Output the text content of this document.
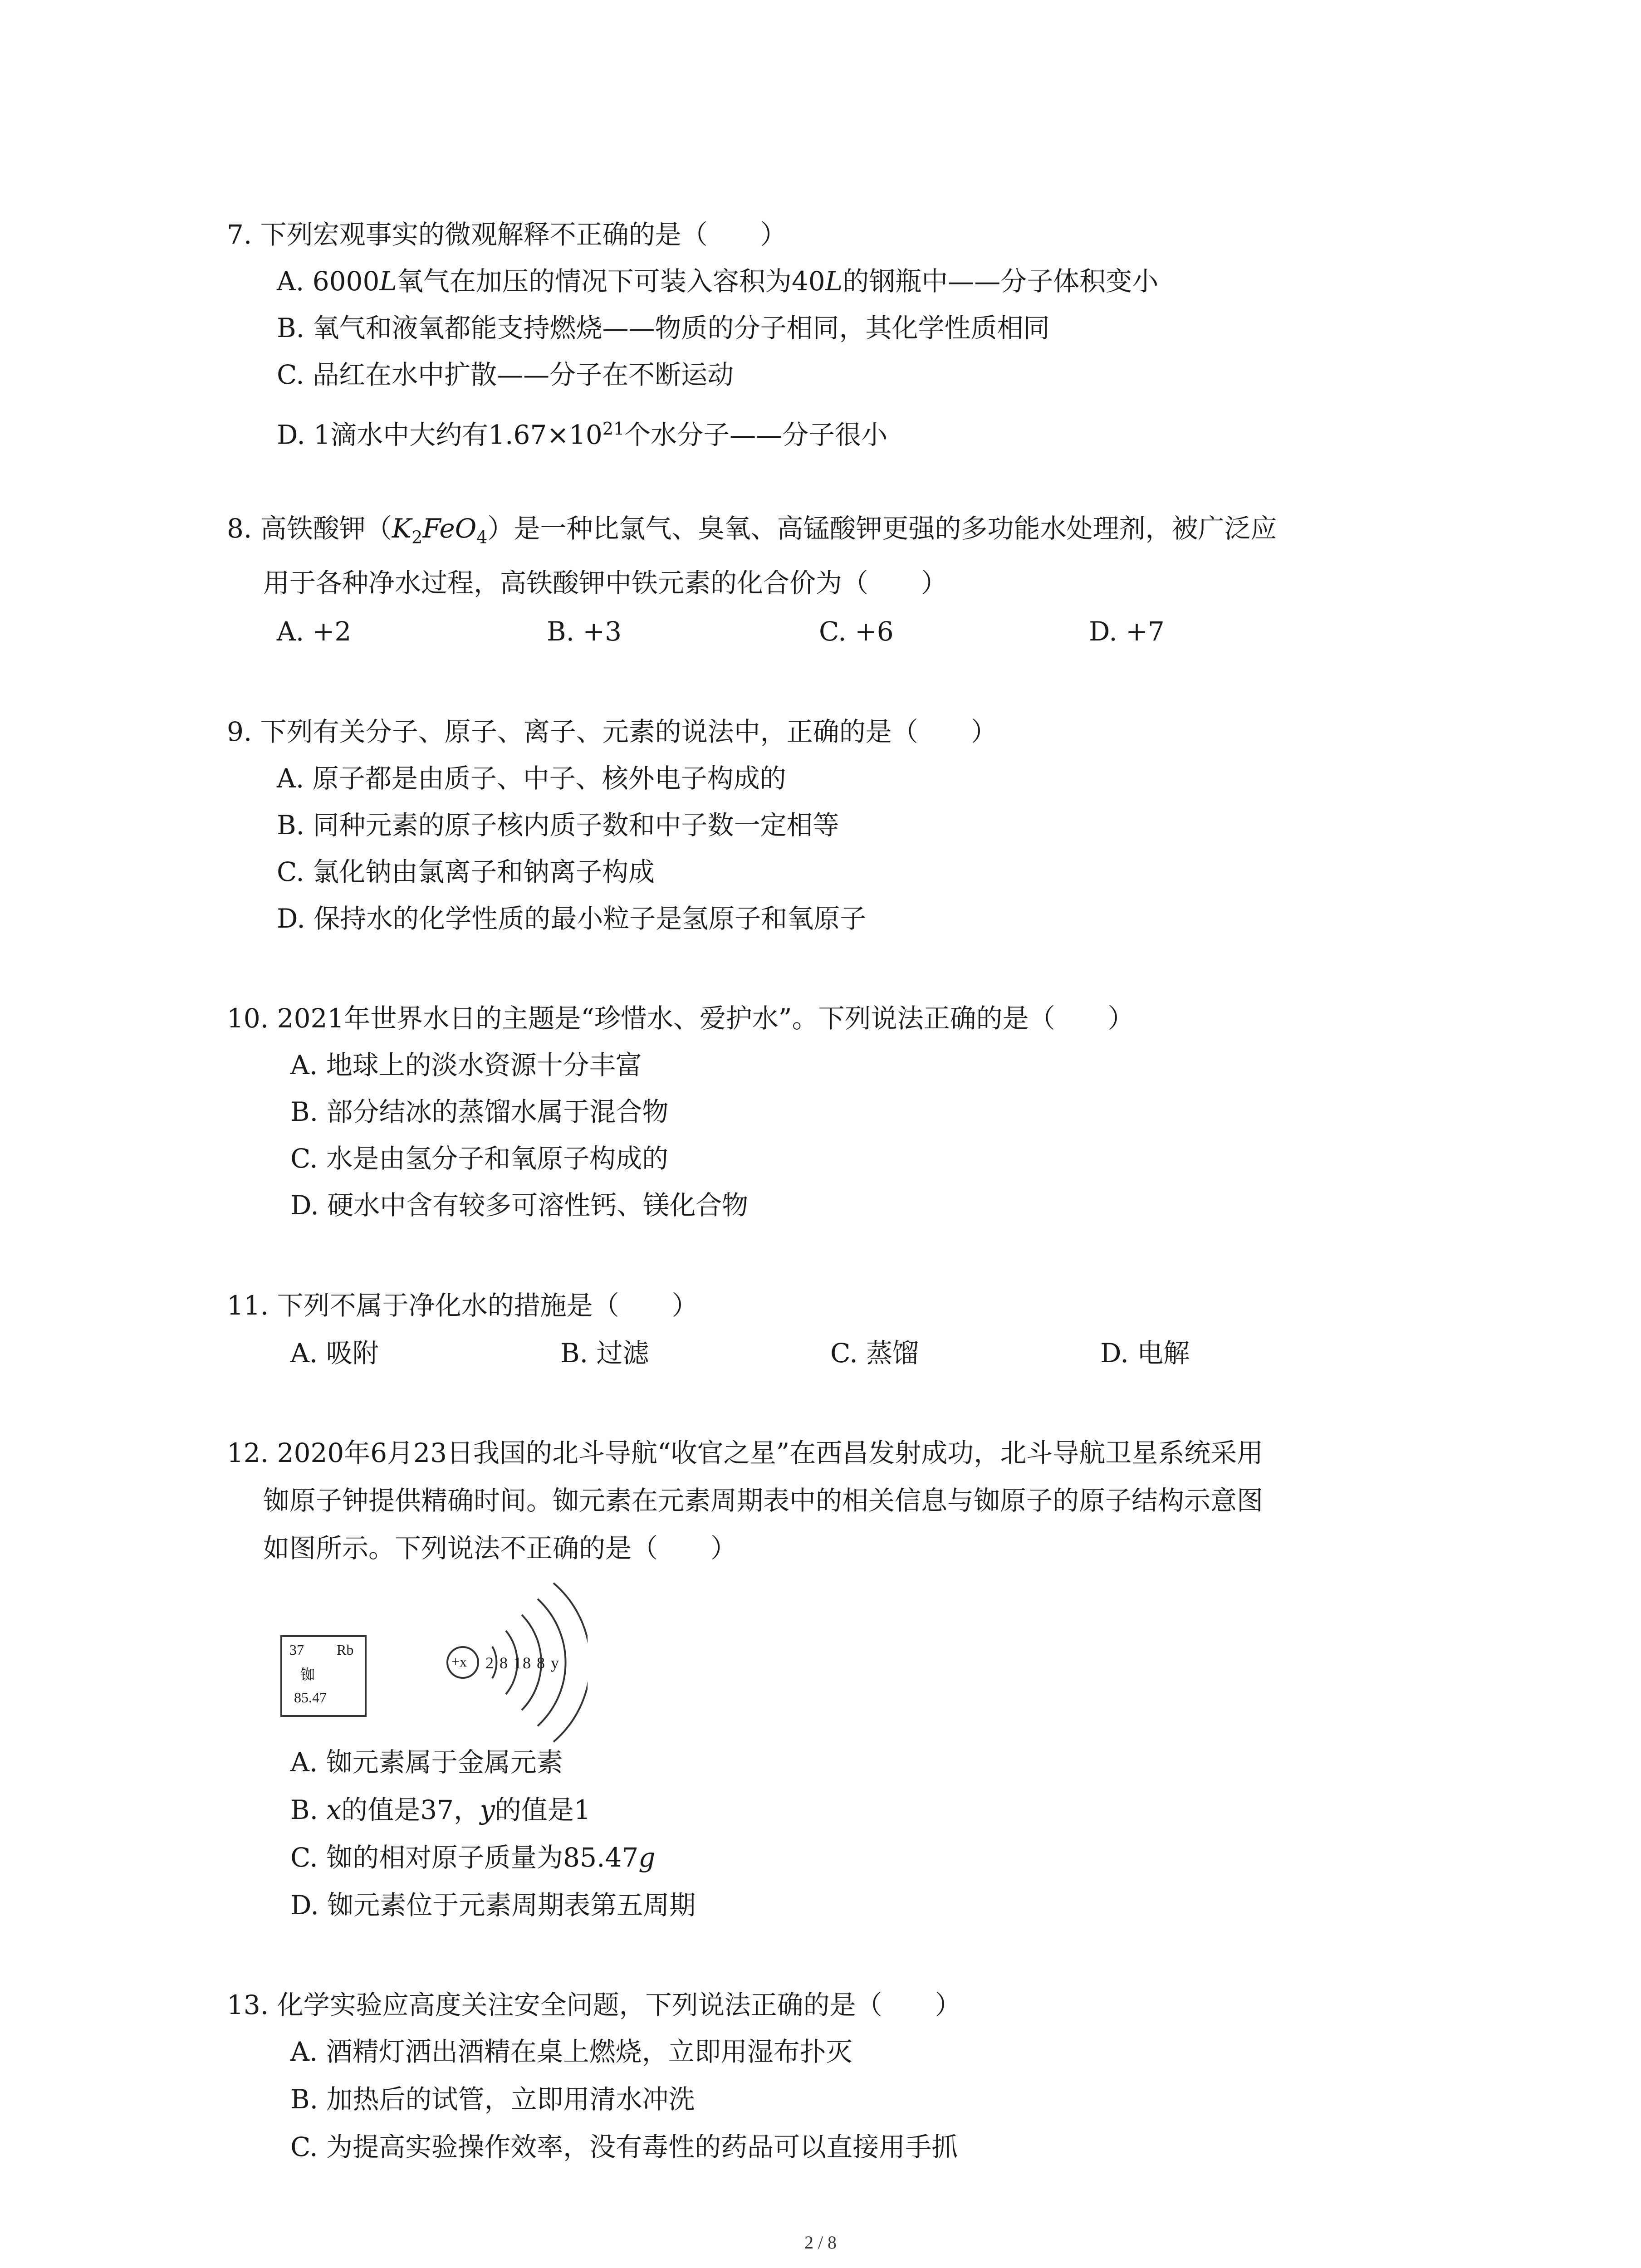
7. 下列宏观事实的微观解释不正确的是（　　）
A. 6000L氧气在加压的情况下可装入容积为40L的钢瓶中——分子体积变小
B. 氧气和液氧都能支持燃烧——物质的分子相同，其化学性质相同
C. 品红在水中扩散——分子在不断运动
D. 1滴水中大约有$1.67\times 10^{21}$个水分子——分子很小
8. 高铁酸钾$(K_2FeO_4)$是一种比氯气、臭氧、高锰酸钾更强的多功能水处理剂，被广泛应
用于各种净水过程，高铁酸钾中铁元素的化合价为（　　）
A. +2	B. +3	C. +6	D. +7
9. 下列有关分子、原子、离子、元素的说法中，正确的是（　　）
A. 原子都是由质子、中子、核外电子构成的
B. 同种元素的原子核内质子数和中子数一定相等
C. 氯化钠由氯离子和钠离子构成
D. 保持水的化学性质的最小粒子是氢原子和氧原子
10. 2021年世界水日的主题是“珍惜水、爱护水”。下列说法正确的是（　　）
A. 地球上的淡水资源十分丰富
B. 部分结冰的蒸馏水属于混合物
C. 水是由氢分子和氧原子构成的
D. 硬水中含有较多可溶性钙、镁化合物
11. 下列不属于净化水的措施是（　　）
A. 吸附	B. 过滤	C. 蒸馏	D. 电解
12. 2020年6月23日我国的北斗导航“收官之星”在西昌发射成功，北斗导航卫星系统采用
铷原子钟提供精确时间。铷元素在元素周期表中的相关信息与铷原子的原子结构示意图
如图所示。下列说法不正确的是（　　）
37 Rb
铷
85.47
+x 2 8 18 8 y
A. 铷元素属于金属元素
B. x的值是37，y的值是1
C. 铷的相对原子质量为85.47g
D. 铷元素位于元素周期表第五周期
13. 化学实验应高度关注安全问题，下列说法正确的是（　　）
A. 酒精灯洒出酒精在桌上燃烧，立即用湿布扑灭
B. 加热后的试管，立即用清水冲洗
C. 为提高实验操作效率，没有毒性的药品可以直接用手抓
2 / 8
